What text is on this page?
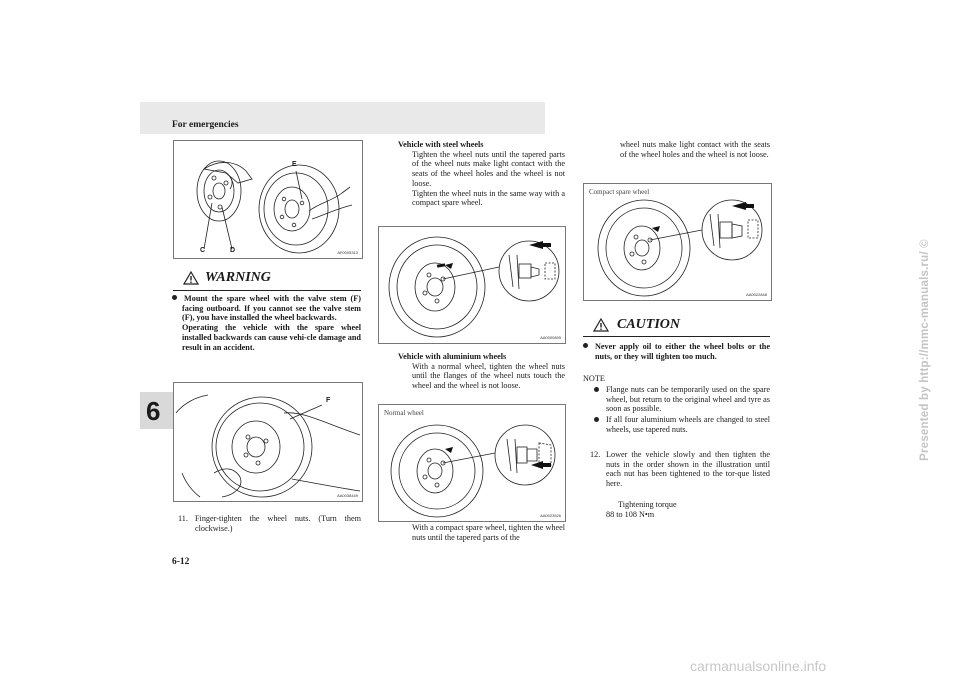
For emergencies
6
6-12
Presented by http://mmc-manuals.ru/ ©
carmanualsonline.info
E
C	D	AF0005313
WARNING
Mount the spare wheel with the valve stem (F) facing outboard. If you cannot see the valve stem (F), you have installed the wheel backwards.
Operating the vehicle with the spare wheel installed backwards can cause vehi-cle damage and result in an accident.
F
AA0038449
11. Finger-tighten the wheel nuts. (Turn them clockwise.)
Vehicle with steel wheels
Tighten the wheel nuts until the tapered parts of the wheel nuts make light contact with the seats of the wheel holes and the wheel is not loose.
Tighten the wheel nuts in the same way with a compact spare wheel.
AA0000895
Vehicle with aluminium wheels
With a normal wheel, tighten the wheel nuts until the flanges of the wheel nuts touch the wheel and the wheel is not loose.
Normal wheel
AA0023526
With a compact spare wheel, tighten the wheel nuts until the tapered parts of the
wheel nuts make light contact with the seats of the wheel holes and the wheel is not loose.
Compact spare wheel
AA0022848
CAUTION
Never apply oil to either the wheel bolts or the nuts, or they will tighten too much.
NOTE
Flange nuts can be temporarily used on the spare wheel, but return to the original wheel and tyre as soon as possible.
If all four aluminium wheels are changed to steel wheels, use tapered nuts.
12. Lower the vehicle slowly and then tighten the nuts in the order shown in the illustration until each nut has been tightened to the tor-que listed here.
Tightening torque
88 to 108 N•m
